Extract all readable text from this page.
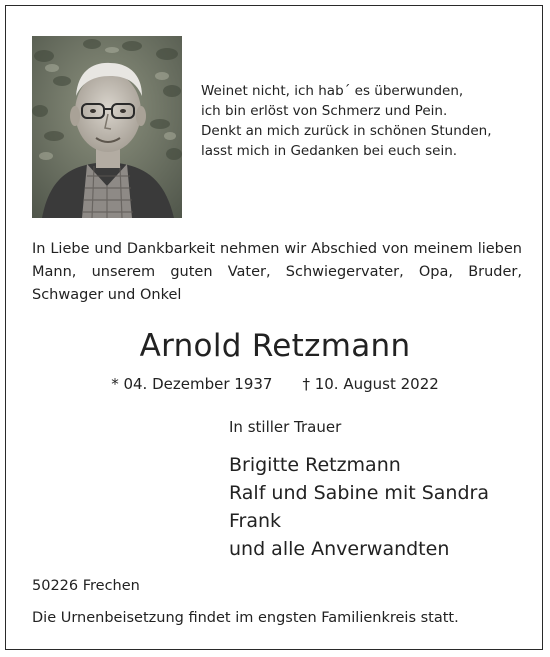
Weinet nicht, ich hab´ es überwunden,
ich bin erlöst von Schmerz und Pein.
Denkt an mich zurück in schönen Stunden,
lasst mich in Gedanken bei euch sein.
In Liebe und Dankbarkeit nehmen wir Abschied von meinem lieben Mann, unserem guten Vater, Schwiegervater, Opa, Bruder, Schwager und Onkel
Arnold Retzmann
* 04. Dezember 1937 † 10. August 2022
In stiller Trauer
Brigitte Retzmann
Ralf und Sabine mit Sandra
Frank
und alle Anverwandten
50226 Frechen
Die Urnenbeisetzung findet im engsten Familienkreis statt.
